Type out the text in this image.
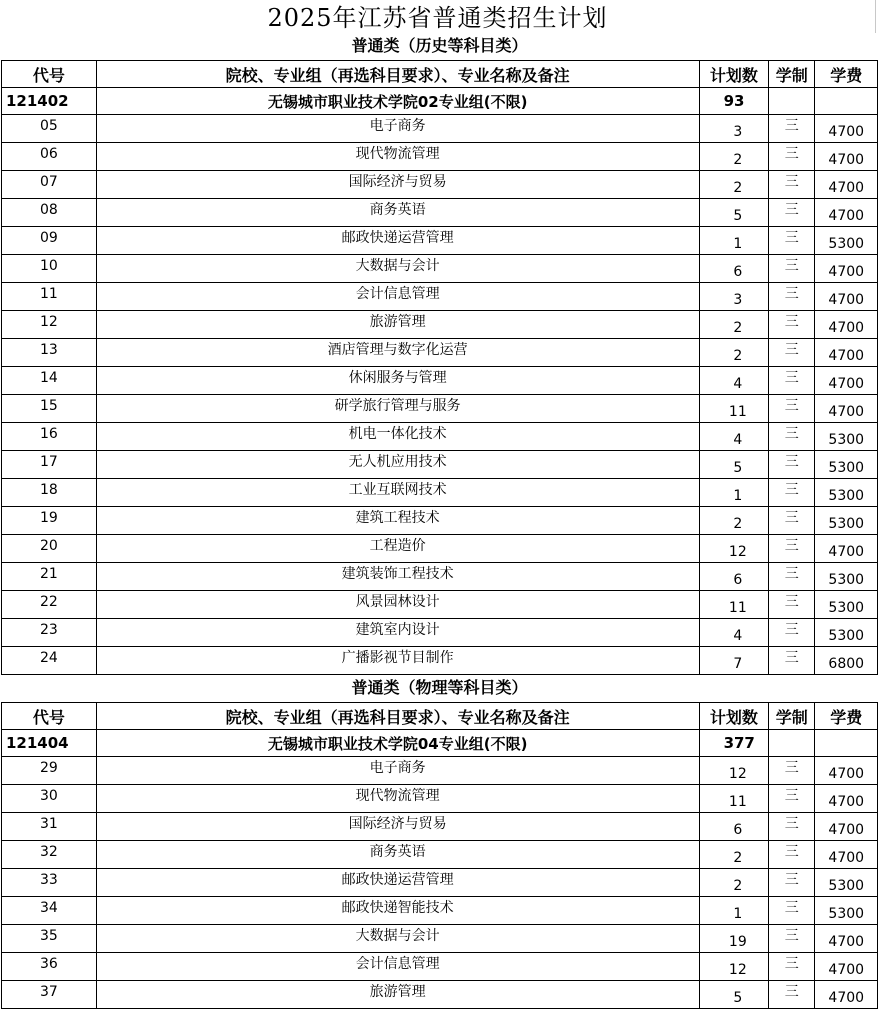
2025年江苏省普通类招生计划
普通类（历史等科目类）
代号	院校、专业组（再选科目要求）、专业名称及备注	计划数	学制	学费
121402	无锡城市职业技术学院02专业组(不限)	93		
05	电子商务	3	三	4700
06	现代物流管理	2	三	4700
07	国际经济与贸易	2	三	4700
08	商务英语	5	三	4700
09	邮政快递运营管理	1	三	5300
10	大数据与会计	6	三	4700
11	会计信息管理	3	三	4700
12	旅游管理	2	三	4700
13	酒店管理与数字化运营	2	三	4700
14	休闲服务与管理	4	三	4700
15	研学旅行管理与服务	11	三	4700
16	机电一体化技术	4	三	5300
17	无人机应用技术	5	三	5300
18	工业互联网技术	1	三	5300
19	建筑工程技术	2	三	5300
20	工程造价	12	三	4700
21	建筑装饰工程技术	6	三	5300
22	风景园林设计	11	三	5300
23	建筑室内设计	4	三	5300
24	广播影视节目制作	7	三	6800
普通类（物理等科目类）
代号	院校、专业组（再选科目要求）、专业名称及备注	计划数	学制	学费
121404	无锡城市职业技术学院04专业组(不限)	377		
29	电子商务	12	三	4700
30	现代物流管理	11	三	4700
31	国际经济与贸易	6	三	4700
32	商务英语	2	三	4700
33	邮政快递运营管理	2	三	5300
34	邮政快递智能技术	1	三	5300
35	大数据与会计	19	三	4700
36	会计信息管理	12	三	4700
37	旅游管理	5	三	4700
